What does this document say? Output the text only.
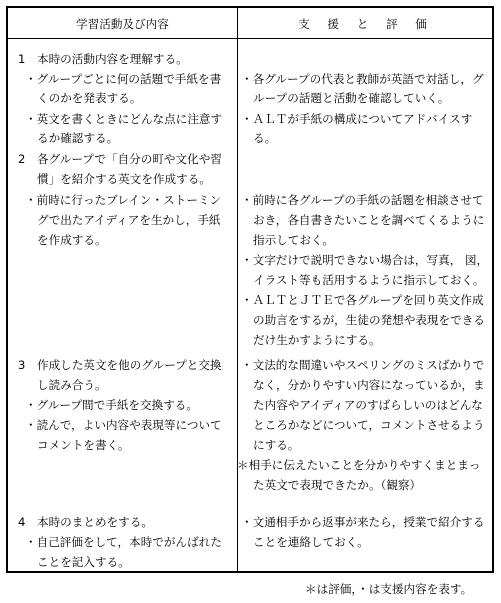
学習活動及び内容	支 援 と 評 価
1　本時の活動内容を理解する。
・グループごとに何の話題で手紙を書
くのかを発表する。
・英文を書くときにどんな点に注意す
るか確認する。
2　各グループで「自分の町や文化や習
慣」を紹介する英文を作成する。
・前時に行ったブレイン・ストーミン
グで出たアイディアを生かし，手紙
を作成する。
3　作成した英文を他のグループと交換
し読み合う。
・グループ間で手紙を交換する。
・読んで，よい内容や表現等について
コメントを書く。
4　本時のまとめをする。
・自己評価をして，本時でがんばれた
ことを記入する。
・各グループの代表と教師が英語で対話し，グ
ループの話題と活動を確認していく。
・ＡＬＴが手紙の構成についてアドバイスす
る。
・前時に各グループの手紙の話題を相談させて
おき，各自書きたいことを調べてくるように
指示しておく。
・文字だけで説明できない場合は，写真， 図，
イラスト等も活用するように指示しておく。
・ＡＬＴとＪＴＥで各グループを回り英文作成
の助言をするが，生徒の発想や表現をできる
だけ生かすようにする。
・文法的な間違いやスペリングのミスばかりで
なく，分かりやすい内容になっているか，ま
た内容やアイディアのすばらしいのはどんな
ところかなどについて，コメントさせるよう
にする。
＊相手に伝えたいことを分かりやすくまとまっ
た英文で表現できたか。（観察）
・文通相手から返事が来たら，授業で紹介する
ことを連絡しておく。
＊は評価，・は支援内容を表す。
